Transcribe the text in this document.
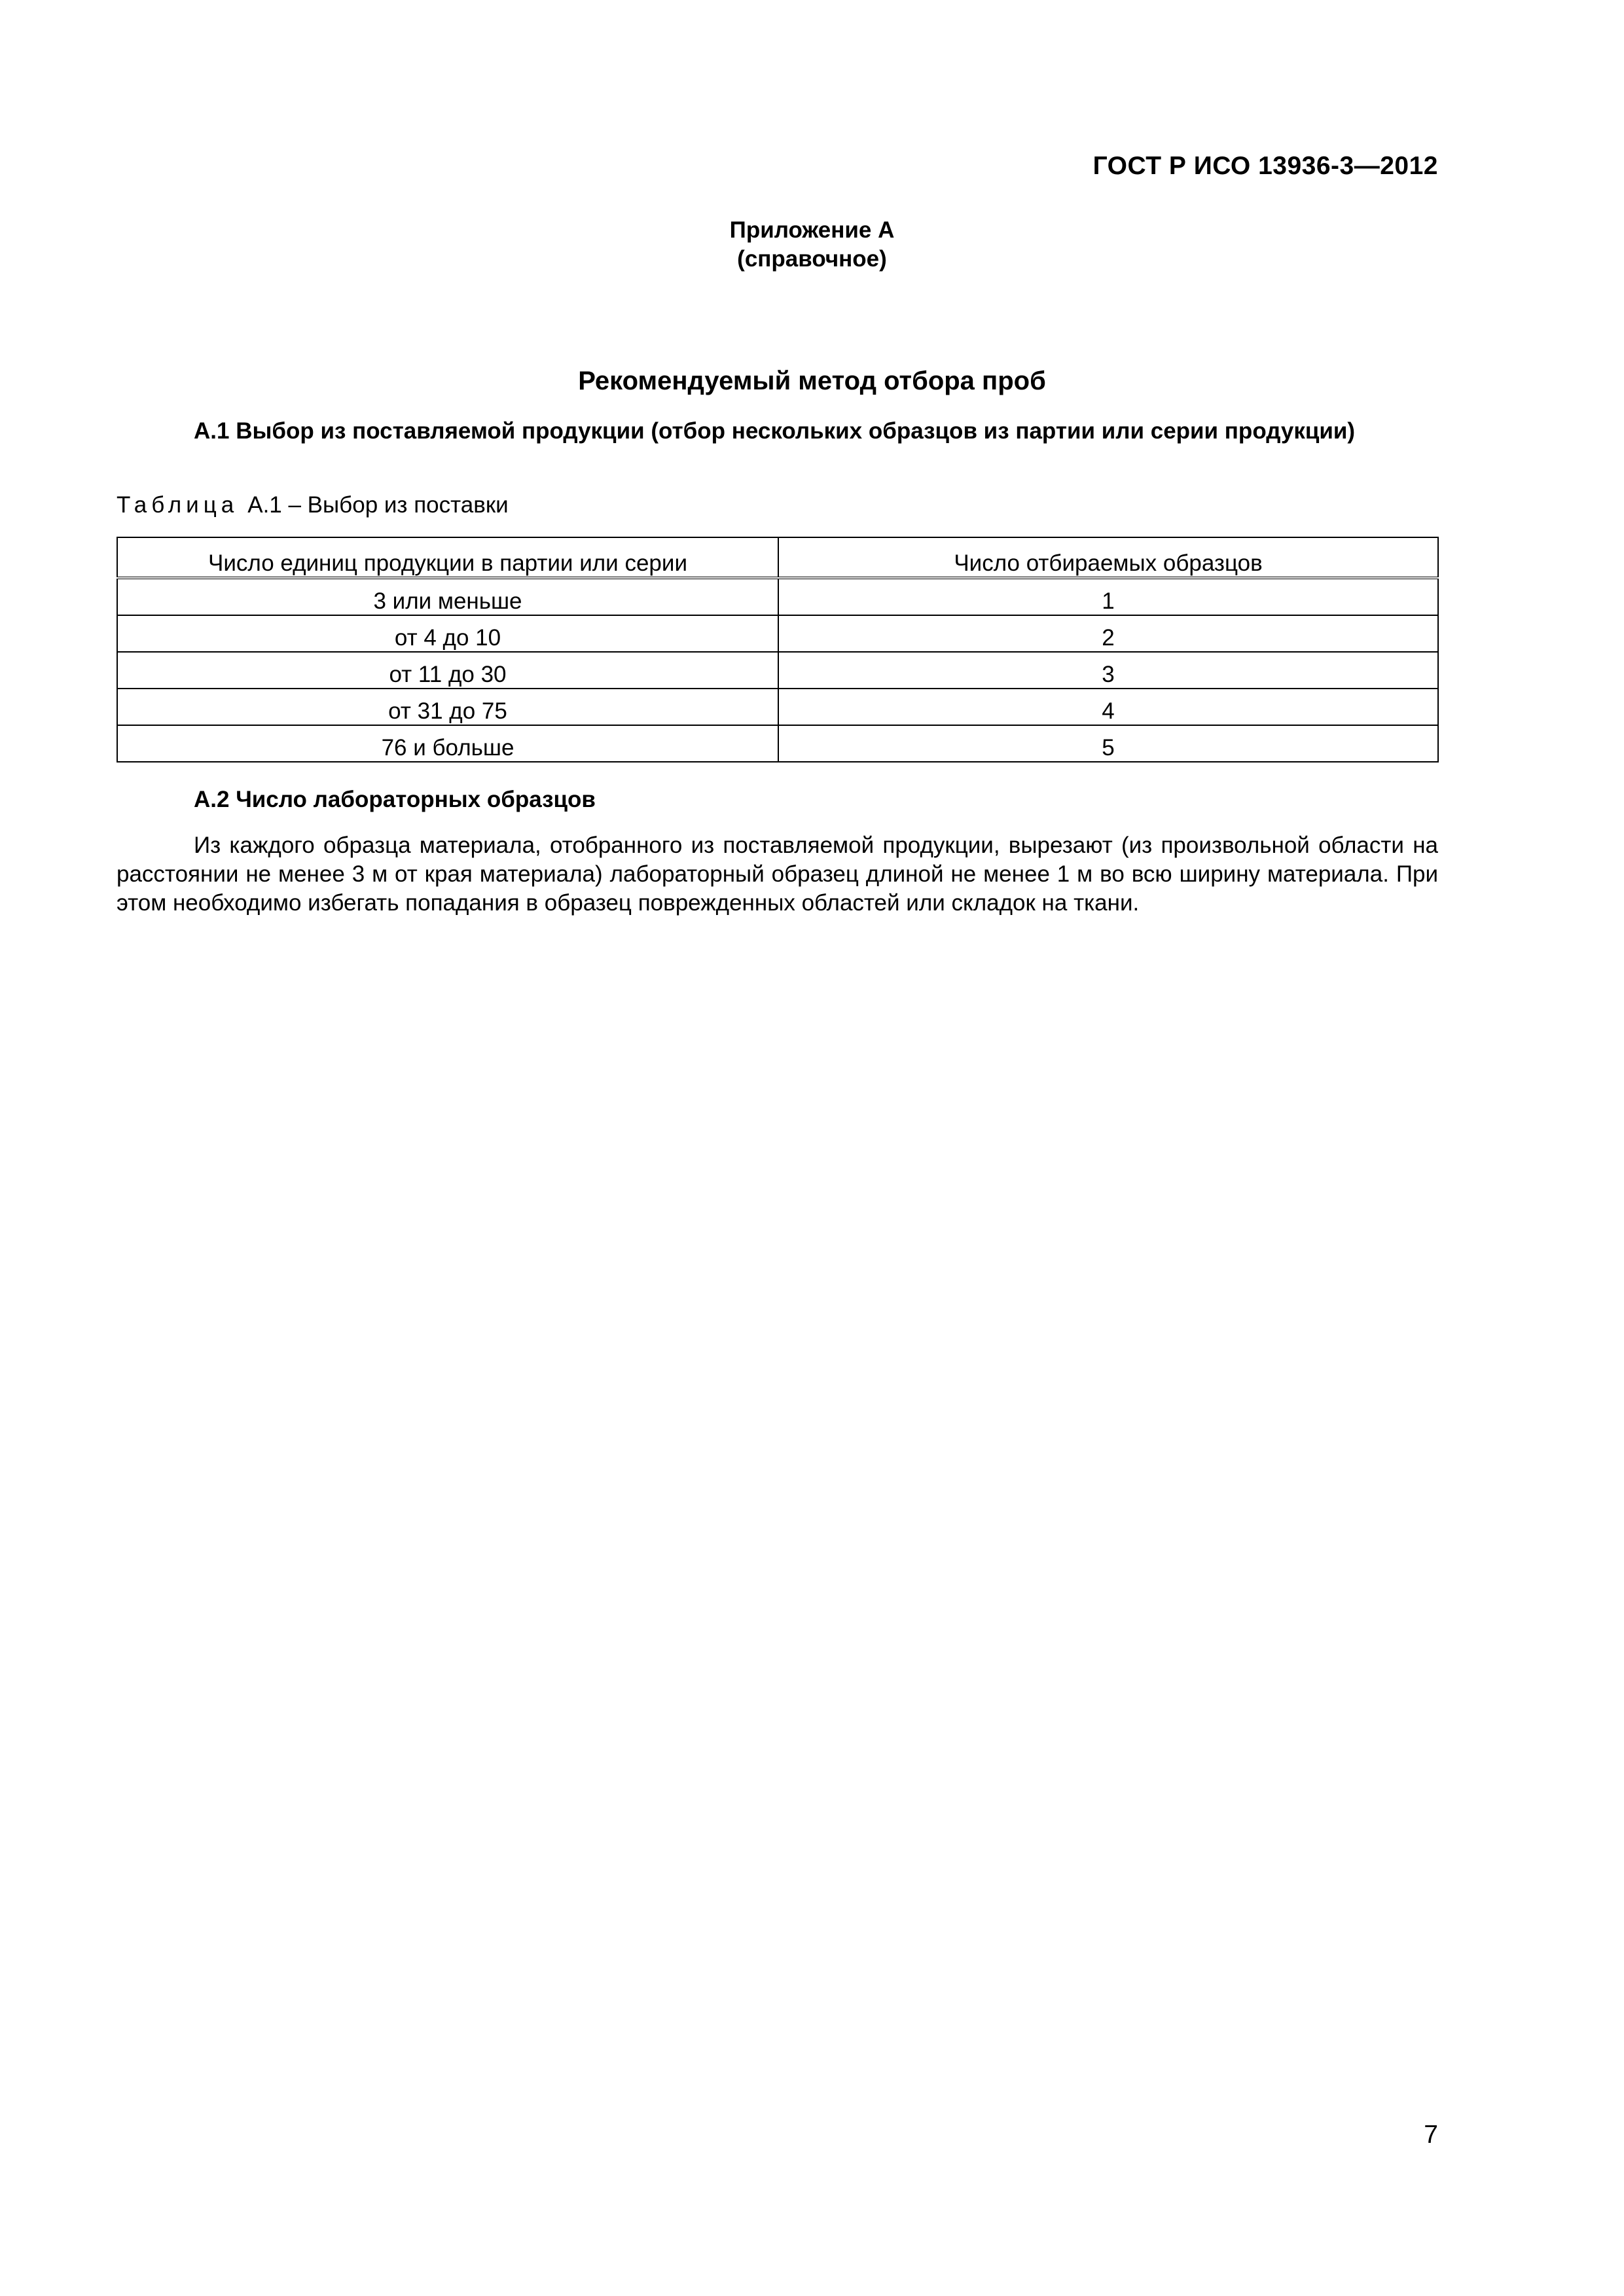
ГОСТ Р ИСО 13936-3—2012
Приложение А
(справочное)
Рекомендуемый метод отбора проб
А.1 Выбор из поставляемой продукции (отбор нескольких образцов из партии или серии продукции)
Таблица А.1 – Выбор из поставки
Число единиц продукции в партии или серии	Число отбираемых образцов
3 или меньше	1
от 4 до 10	2
от 11 до 30	3
от 31 до 75	4
76 и больше	5
А.2 Число лабораторных образцов
Из каждого образца материала, отобранного из поставляемой продукции, вырезают (из произвольной области на расстоянии не менее 3 м от края материала) лабораторный образец длиной не менее 1 м во всю ширину материала. При этом необходимо избегать попадания в образец поврежденных областей или складок на ткани.
7
